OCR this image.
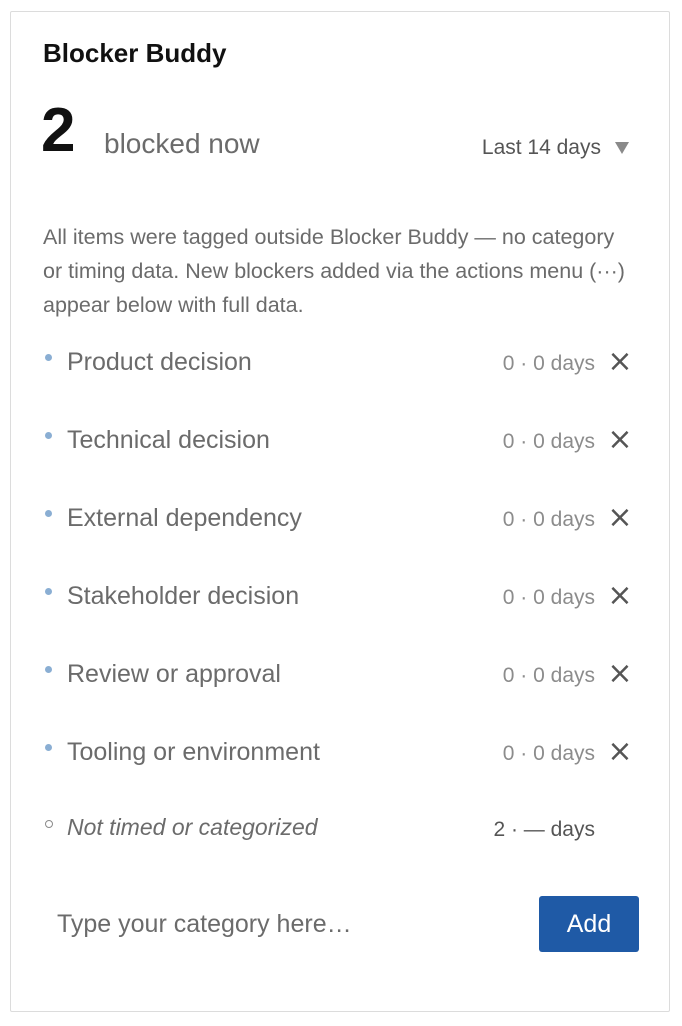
Blocker Buddy
2 blocked now	Last 14 days

All items were tagged outside Blocker Buddy — no category or timing data. New blockers added via the actions menu (···) appear below with full data.

Product decision	0 · 0 days ×
Technical decision	0 · 0 days ×
External dependency	0 · 0 days ×
Stakeholder decision	0 · 0 days ×
Review or approval	0 · 0 days ×
Tooling or environment	0 · 0 days ×
Not timed or categorized	2 · — days
Type your category here…
Add
